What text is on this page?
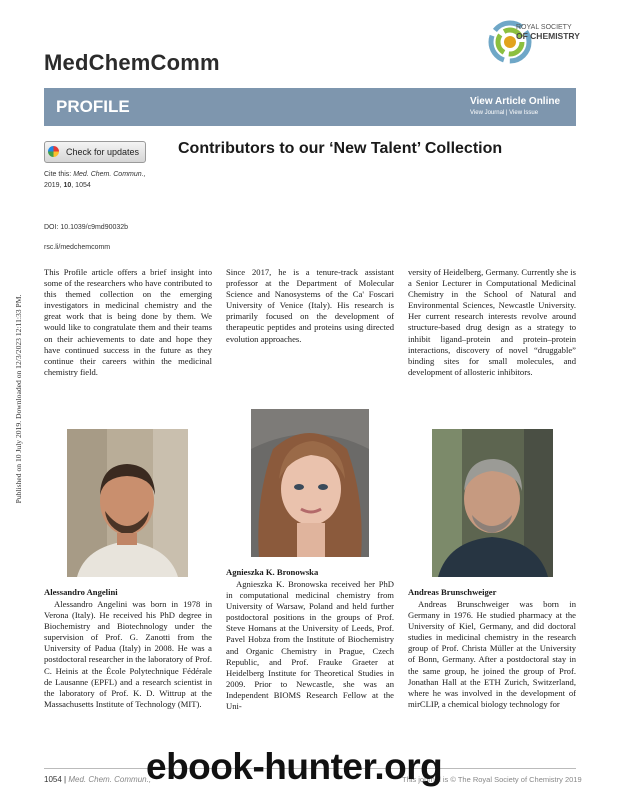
Published on 10 July 2019. Downloaded on 12/3/2023 12:11:33 PM.
MedChemComm
ROYAL SOCIETY
OF CHEMISTRY
PROFILE	View Article Online
View Journal | View Issue
Check for updates Contributors to our ‘New Talent’ Collection
Cite this: Med. Chem. Commun.,
2019, 10, 1054
DOI: 10.1039/c9md90032b
rsc.li/medchemcomm

This Profile article offers a brief insight into some of the researchers who have contributed to this themed collection on the emerging investigators in medicinal chemistry and the great work that is being done by them. We would like to congratulate them and their teams on their achievements to date and hope they have continued success in the future as they continue their careers within the medicinal chemistry field.

Since 2017, he is a tenure-track assistant professor at the Department of Molecular Science and Nanosystems of the Ca' Foscari University of Venice (Italy). His research is primarily focused on the development of therapeutic peptides and proteins using directed evolution approaches.

versity of Heidelberg, Germany. Currently she is a Senior Lecturer in Computational Medicinal Chemistry in the School of Natural and Environmental Sciences, Newcastle University. Her current research interests revolve around structure-based drug design as a strategy to inhibit ligand–protein and protein–protein interactions, discovery of novel “druggable” binding sites for small molecules, and development of allosteric inhibitors.

Alessandro Angelini
Alessandro Angelini was born in 1978 in Verona (Italy). He received his PhD degree in Biochemistry and Biotechnology under the supervision of Prof. G. Zanotti from the University of Padua (Italy) in 2008. He was a postdoctoral researcher in the laboratory of Prof. C. Heinis at the École Polytechnique Fédérale de Lausanne (EPFL) and a research scientist in the laboratory of Prof. K. D. Wittrup at the Massachusetts Institute of Technology (MIT).
Agnieszka K. Bronowska
Agnieszka K. Bronowska received her PhD in computational medicinal chemistry from University of Warsaw, Poland and held further postdoctoral positions in the groups of Prof. Steve Homans at the University of Leeds, Prof. Pavel Hobza from the Institute of Biochemistry and Organic Chemistry in Prague, Czech Republic, and Prof. Frauke Graeter at Heidelberg Institute for Theoretical Studies in 2009. Prior to Newcastle, she was an Independent BIOMS Research Fellow at the Uni-
Andreas Brunschweiger
Andreas Brunschweiger was born in Germany in 1976. He studied pharmacy at the University of Kiel, Germany, and did doctoral studies in medicinal chemistry in the research group of Prof. Christa Müller at the University of Bonn, Germany. After a postdoctoral stay in the same group, he joined the group of Prof. Jonathan Hall at the ETH Zurich, Switzerland, where he was involved in the development of mirCLIP, a chemical biology technology for
1054 | Med. Chem. Commun.,	This journal is © The Royal Society of Chemistry 2019
ebook-hunter.org
